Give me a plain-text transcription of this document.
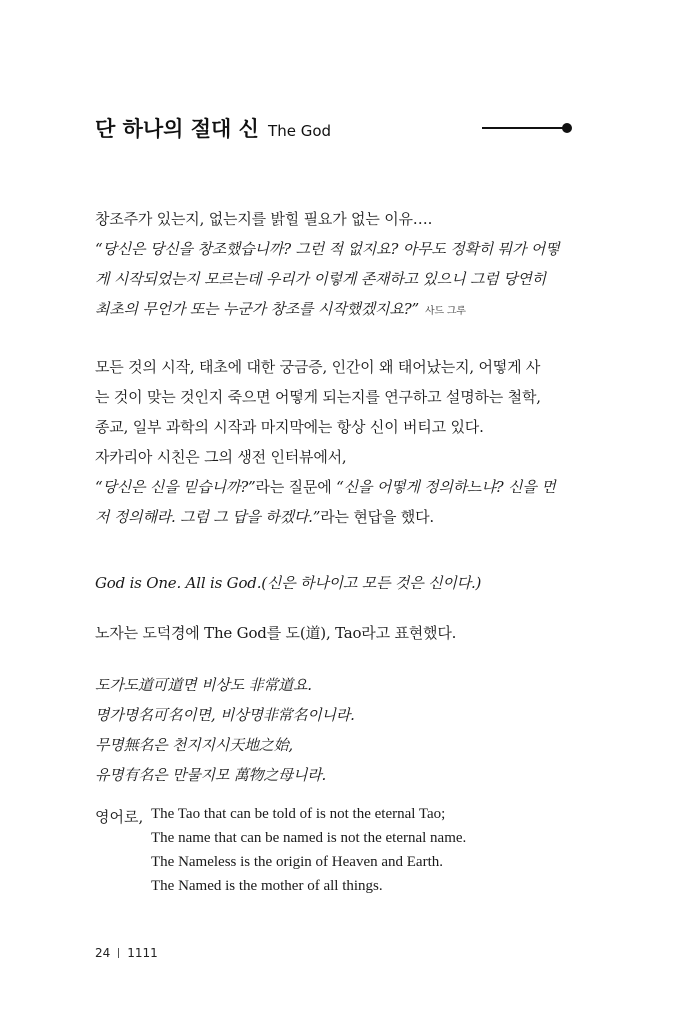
단 하나의 절대 신 The God
창조주가 있는지, 없는지를 밝힐 필요가 없는 이유….
“당신은 당신을 창조했습니까? 그런 적 없지요? 아무도 정확히 뭐가 어떻
게 시작되었는지 모르는데 우리가 이렇게 존재하고 있으니 그럼 당연히
최초의 무언가 또는 누군가 창조를 시작했겠지요?” 사드 그루
모든 것의 시작, 태초에 대한 궁금증, 인간이 왜 태어났는지, 어떻게 사
는 것이 맞는 것인지 죽으면 어떻게 되는지를 연구하고 설명하는 철학,
종교, 일부 과학의 시작과 마지막에는 항상 신이 버티고 있다.
자카리아 시친은 그의 생전 인터뷰에서,
“당신은 신을 믿습니까?”라는 질문에 “신을 어떻게 정의하느냐? 신을 먼
저 정의해라. 그럼 그 답을 하겠다.”라는 현답을 했다.
God is One. All is God.(신은 하나이고 모든 것은 신이다.)
노자는 도덕경에 The God를 도(道), Tao라고 표현했다.
도가도道可道면 비상도 非常道요.
명가명名可名이면, 비상명非常名이니라.
무명無名은 천지지시天地之始,
유명有名은 만물지모 萬物之母니라.
영어로, The Tao that can be told of is not the eternal Tao;
The name that can be named is not the eternal name.
The Nameless is the origin of Heaven and Earth.
The Named is the mother of all things.
24 1111
